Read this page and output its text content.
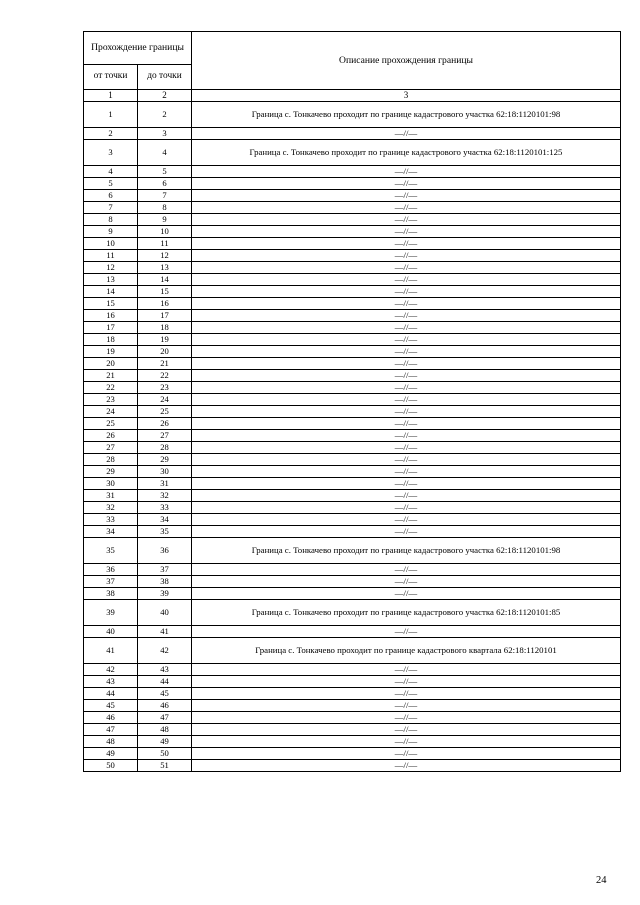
Прохождение границы		Описание прохождения границы
от точки	до точки	
1	2	3
1	2	Граница с. Тонкачево проходит по границе кадастрового участка 62:18:1120101:98
2	3	—//—
3	4	Граница с. Тонкачево проходит по границе кадастрового участка 62:18:1120101:125
4	5	—//—
5	6	—//—
6	7	—//—
7	8	—//—
8	9	—//—
9	10	—//—
10	11	—//—
11	12	—//—
12	13	—//—
13	14	—//—
14	15	—//—
15	16	—//—
16	17	—//—
17	18	—//—
18	19	—//—
19	20	—//—
20	21	—//—
21	22	—//—
22	23	—//—
23	24	—//—
24	25	—//—
25	26	—//—
26	27	—//—
27	28	—//—
28	29	—//—
29	30	—//—
30	31	—//—
31	32	—//—
32	33	—//—
33	34	—//—
34	35	—//—
35	36	Граница с. Тонкачево проходит по границе кадастрового участка 62:18:1120101:98
36	37	—//—
37	38	—//—
38	39	—//—
39	40	Граница с. Тонкачево проходит по границе кадастрового участка 62:18:1120101:85
40	41	—//—
41	42	Граница с. Тонкачево проходит по границе кадастрового квартала 62:18:1120101
42	43	—//—
43	44	—//—
44	45	—//—
45	46	—//—
46	47	—//—
47	48	—//—
48	49	—//—
49	50	—//—
50	51	—//—
24
